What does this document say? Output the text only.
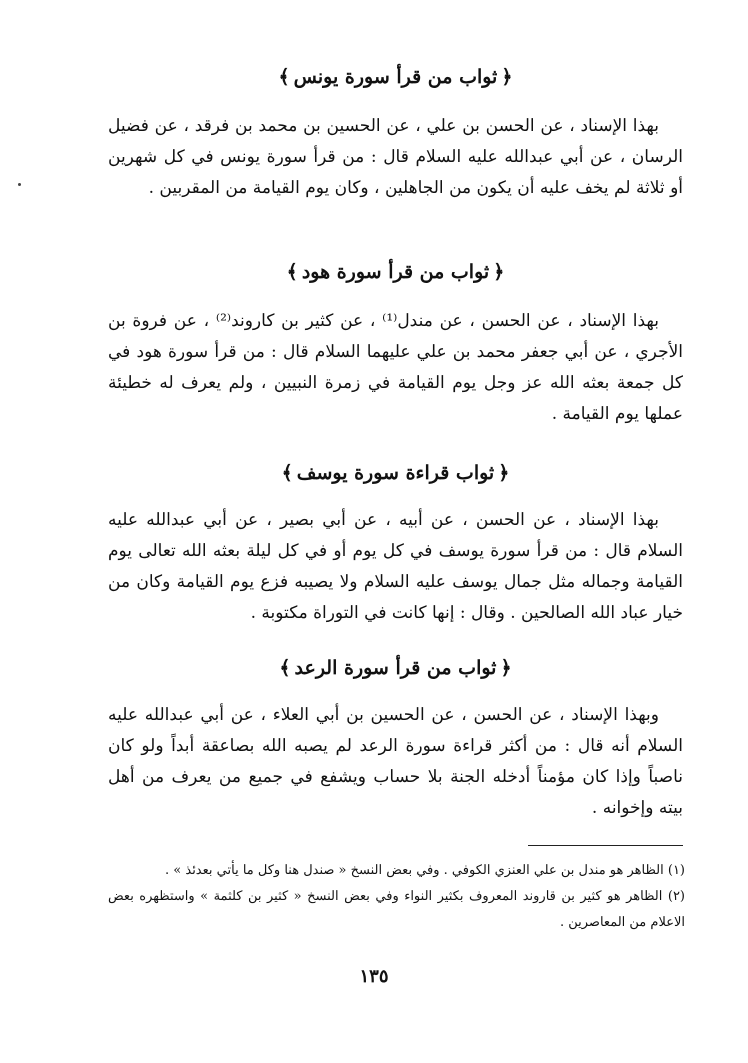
﴿ثواب من قرأ سورة يونس﴾

بهذا الإسناد ، عن الحسن بن علي ، عن الحسين بن محمد بن فرقد ، عن فضيل الرسان ، عن أبي عبدالله عليه السلام قال : من قرأ سورة يونس في كل شهرين أو ثلاثة لم يخف عليه أن يكون من الجاهلين ، وكان يوم القيامة من المقربين .

﴿ثواب من قرأ سورة هود﴾

بهذا الإسناد ، عن الحسن ، عن مندل⁽¹⁾ ، عن كثير بن كاروند⁽²⁾ ، عن فروة بن الأجري ، عن أبي جعفر محمد بن علي عليهما السلام قال : من قرأ سورة هود في كل جمعة بعثه الله عز وجل يوم القيامة في زمرة النبيين ، ولم يعرف له خطيئة عملها يوم القيامة .

﴿ثواب قراءة سورة يوسف﴾

بهذا الإسناد ، عن الحسن ، عن أبيه ، عن أبي بصير ، عن أبي عبدالله عليه السلام قال : من قرأ سورة يوسف في كل يوم أو في كل ليلة بعثه الله تعالى يوم القيامة وجماله مثل جمال يوسف عليه السلام ولا يصيبه فزع يوم القيامة وكان من خيار عباد الله الصالحين . وقال : إنها كانت في التوراة مكتوبة .

﴿ثواب من قرأ سورة الرعد﴾

وبهذا الإسناد ، عن الحسن ، عن الحسين بن أبي العلاء ، عن أبي عبدالله عليه السلام أنه قال : من أكثر قراءة سورة الرعد لم يصبه الله بصاعقة أبداً ولو كان ناصباً وإذا كان مؤمناً أدخله الجنة بلا حساب ويشفع في جميع من يعرف من أهل بيته وإخوانه .

(١) الظاهر هو مندل بن علي العنزي الكوفي . وفي بعض النسخ « صندل هنا وكل ما يأتي بعدئذ » .

(٢) الظاهر هو كثير بن قاروند المعروف بكثير النواء وفي بعض النسخ « كثير بن كلثمة » واستظهره بعض الاعلام من المعاصرين .

١٣٥
